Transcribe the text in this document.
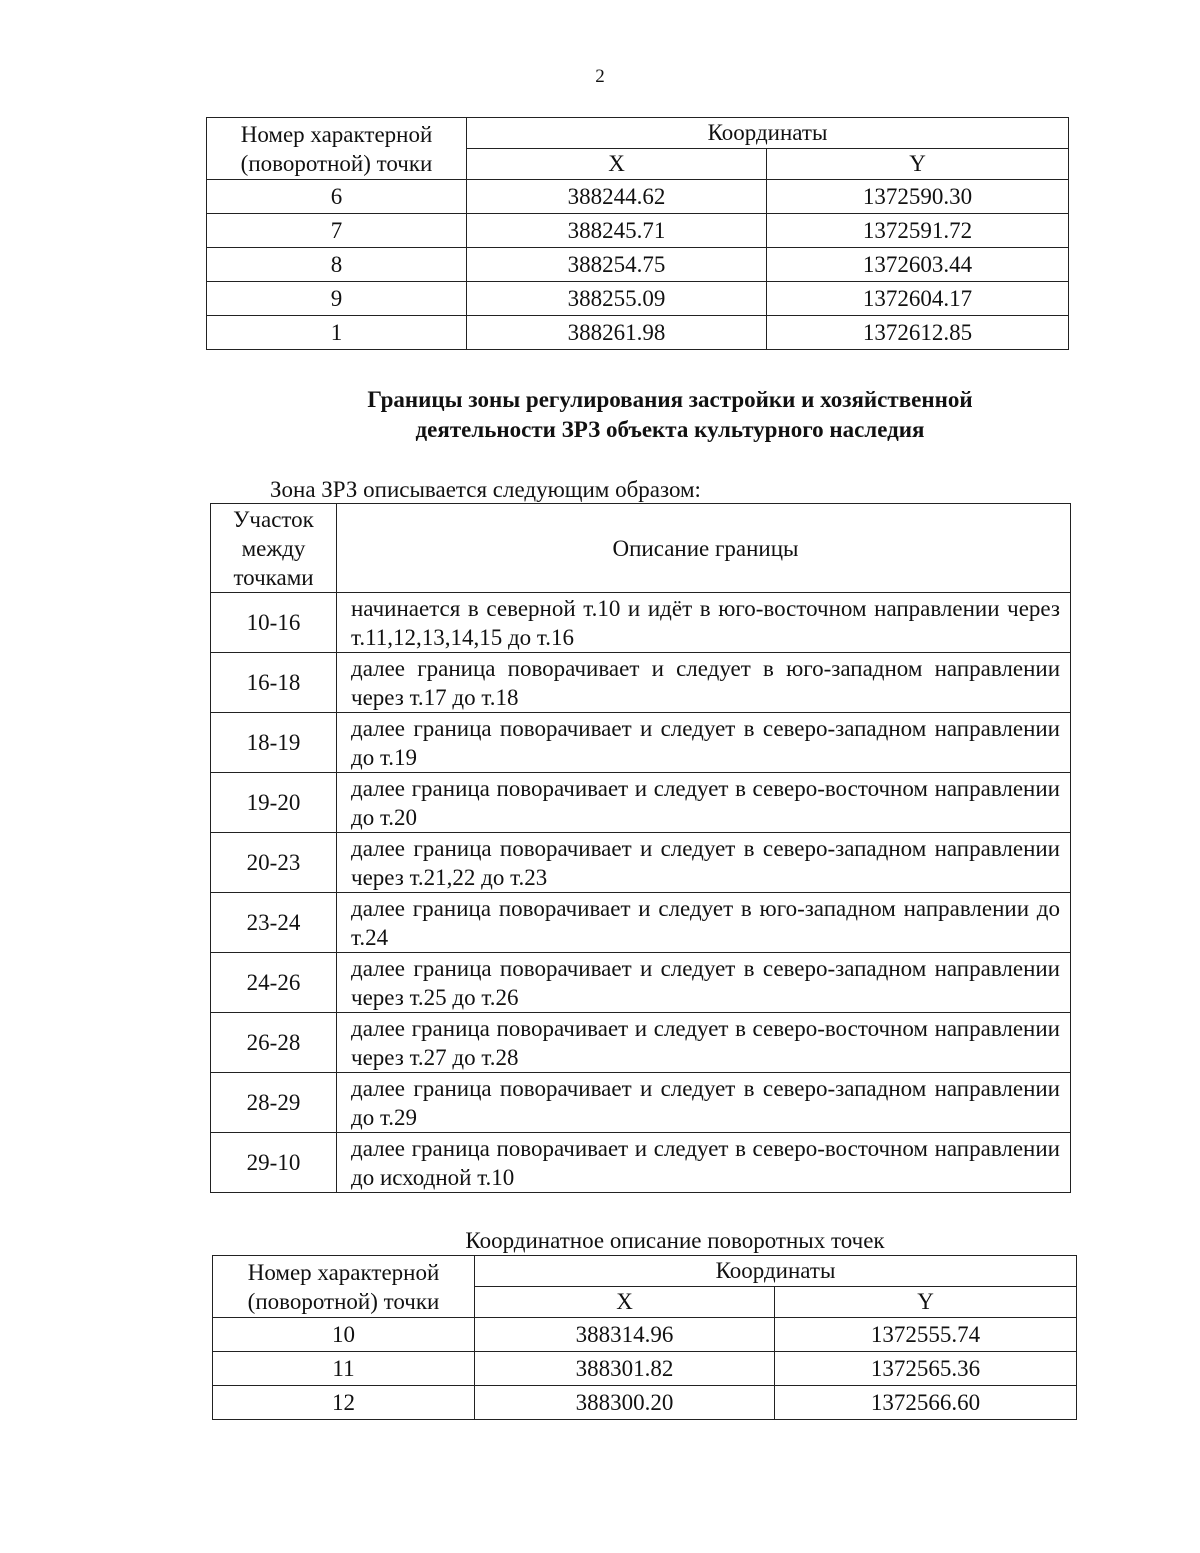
2
Номер характерной (поворотной) точки	Координаты	
	X	Y
6	388244.62	1372590.30
7	388245.71	1372591.72
8	388254.75	1372603.44
9	388255.09	1372604.17
1	388261.98	1372612.85
Границы зоны регулирования застройки и хозяйственной
деятельности ЗРЗ объекта культурного наследия
Зона ЗРЗ описывается следующим образом:
Участок между точками	Описание границы
10-16	начинается в северной т.10 и идёт в юго-восточном направлении через т.11,12,13,14,15 до т.16
16-18	далее граница поворачивает и следует в юго-западном направлении через т.17 до т.18
18-19	далее граница поворачивает и следует в северо-западном направлении до т.19
19-20	далее граница поворачивает и следует в северо-восточном направлении до т.20
20-23	далее граница поворачивает и следует в северо-западном направлении через т.21,22 до т.23
23-24	далее граница поворачивает и следует в юго-западном направлении до т.24
24-26	далее граница поворачивает и следует в северо-западном направлении через т.25 до т.26
26-28	далее граница поворачивает и следует в северо-восточном направлении через т.27 до т.28
28-29	далее граница поворачивает и следует в северо-западном направлении до т.29
29-10	далее граница поворачивает и следует в северо-восточном направлении до исходной т.10
Координатное описание поворотных точек
Номер характерной (поворотной) точки	Координаты	
	X	Y
10	388314.96	1372555.74
11	388301.82	1372565.36
12	388300.20	1372566.60
